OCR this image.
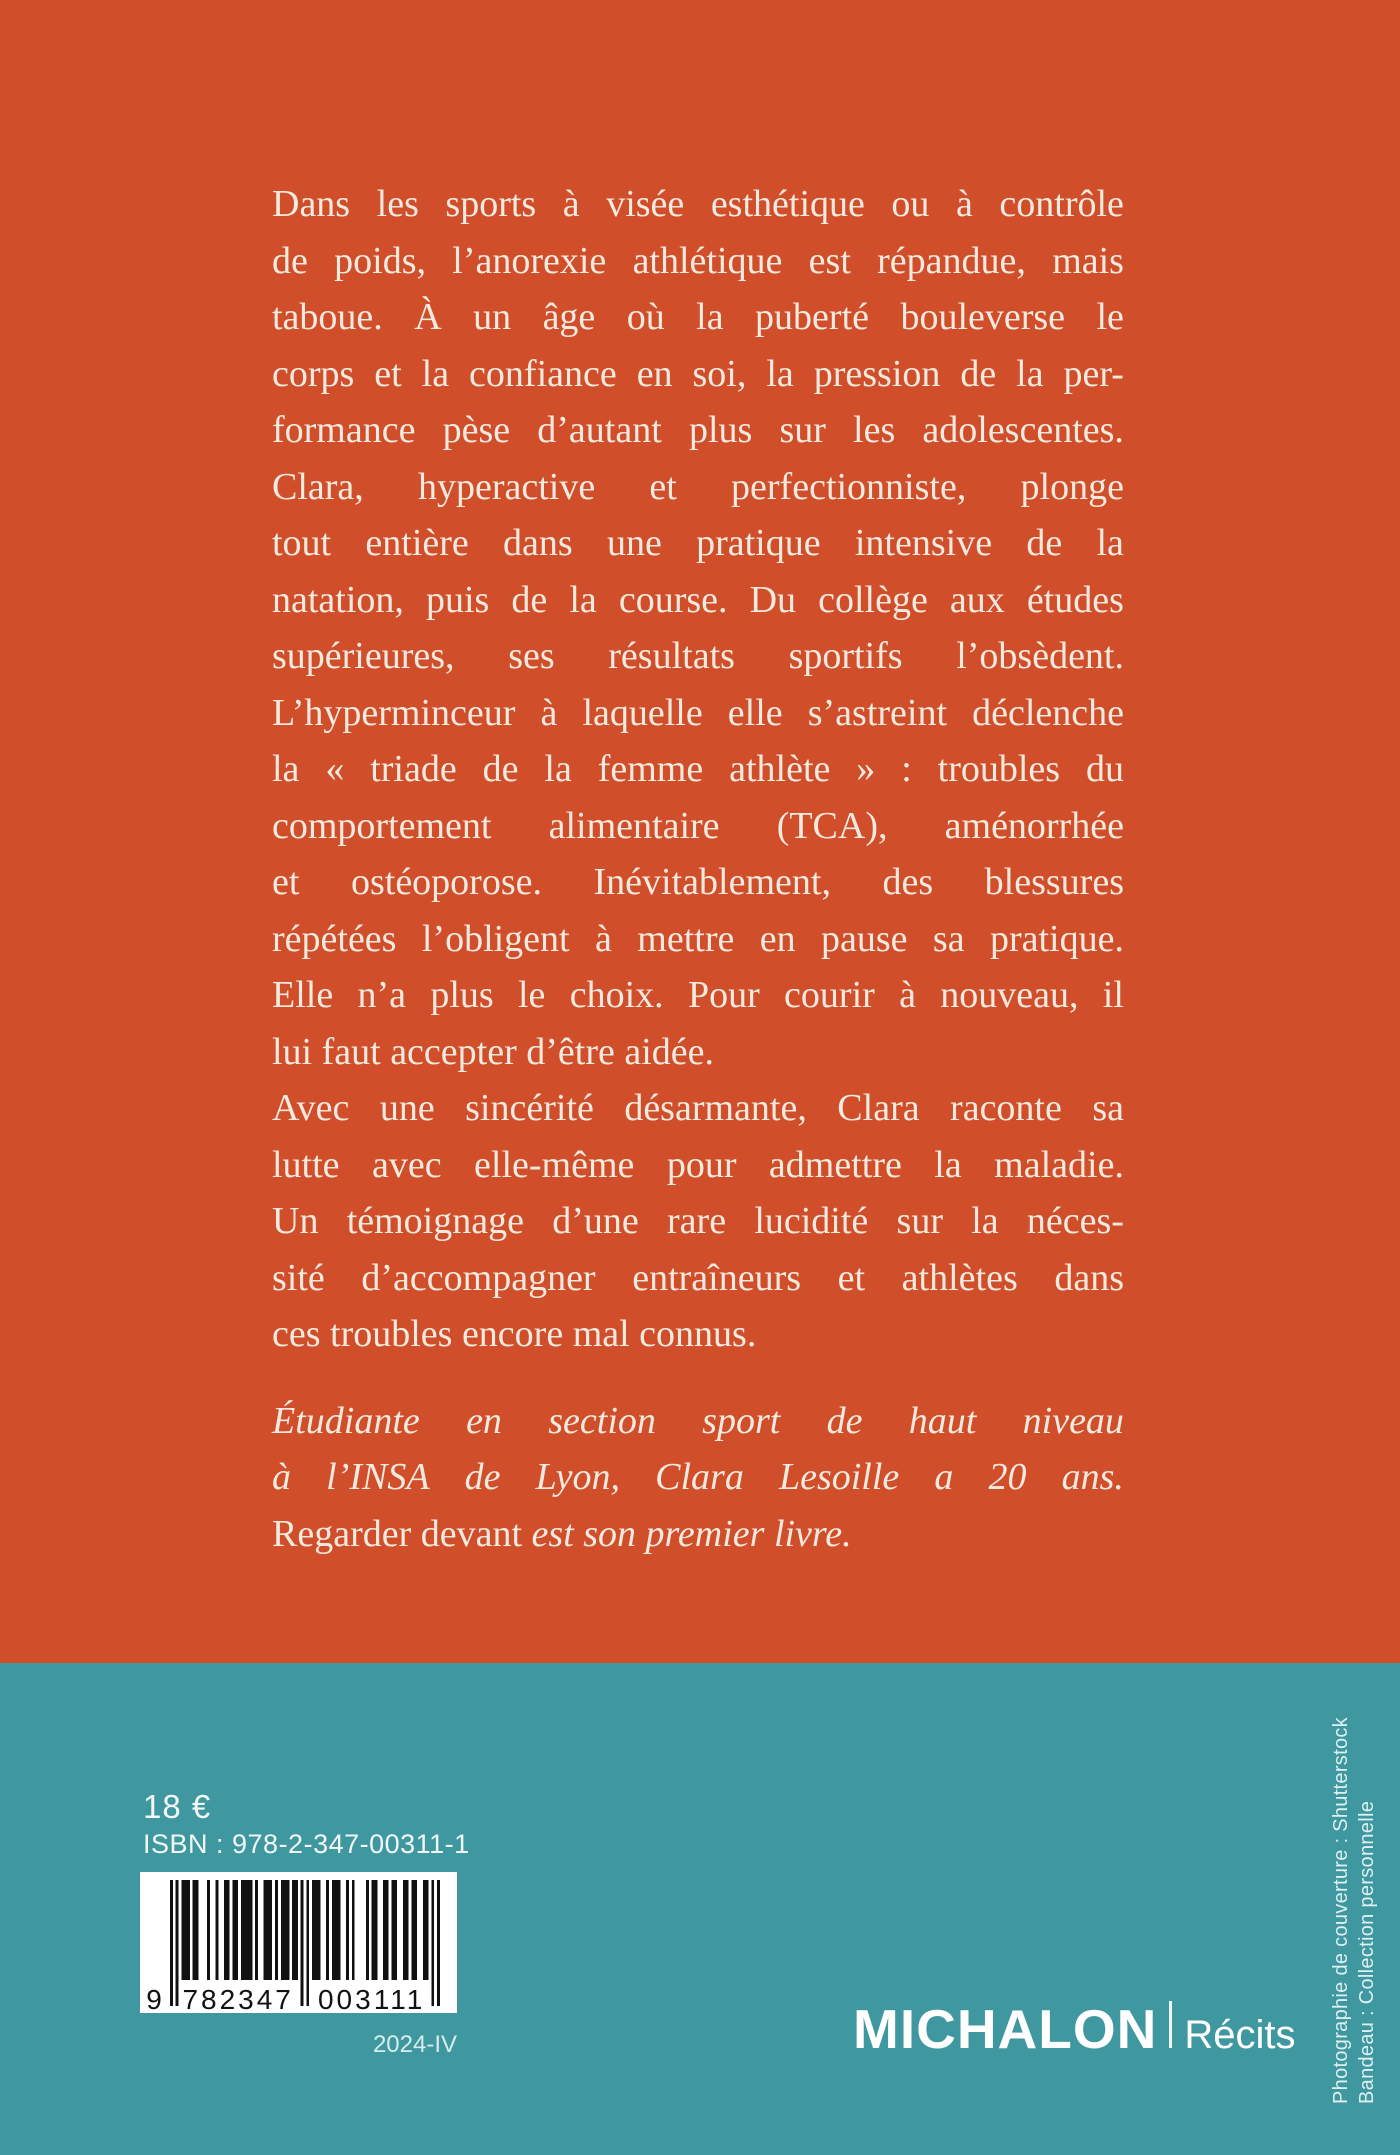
Dans les sports à visée esthétique ou à contrôle
de poids, l’anorexie athlétique est répandue, mais
taboue. À un âge où la puberté bouleverse le
corps et la confiance en soi, la pression de la per-
formance pèse d’autant plus sur les adolescentes.
Clara, hyperactive et perfectionniste, plonge
tout entière dans une pratique intensive de la
natation, puis de la course. Du collège aux études
supérieures, ses résultats sportifs l’obsèdent.
L’hyperminceur à laquelle elle s’astreint déclenche
la « triade de la femme athlète » : troubles du
comportement alimentaire (TCA), aménorrhée
et ostéoporose. Inévitablement, des blessures
répétées l’obligent à mettre en pause sa pratique.
Elle n’a plus le choix. Pour courir à nouveau, il
lui faut accepter d’être aidée.
Avec une sincérité désarmante, Clara raconte sa
lutte avec elle-même pour admettre la maladie.
Un témoignage d’une rare lucidité sur la néces-
sité d’accompagner entraîneurs et athlètes dans
ces troubles encore mal connus.
Étudiante en section sport de haut niveau
à l’INSA de Lyon, Clara Lesoille a 20 ans.
Regarder devant est son premier livre.
18 €
ISBN : 978-2-347-00311-1
9 782347 003111
2024-IV	MICHALON Récits Photographie de couverture : Shutterstock Bandeau : Collection personnelle
